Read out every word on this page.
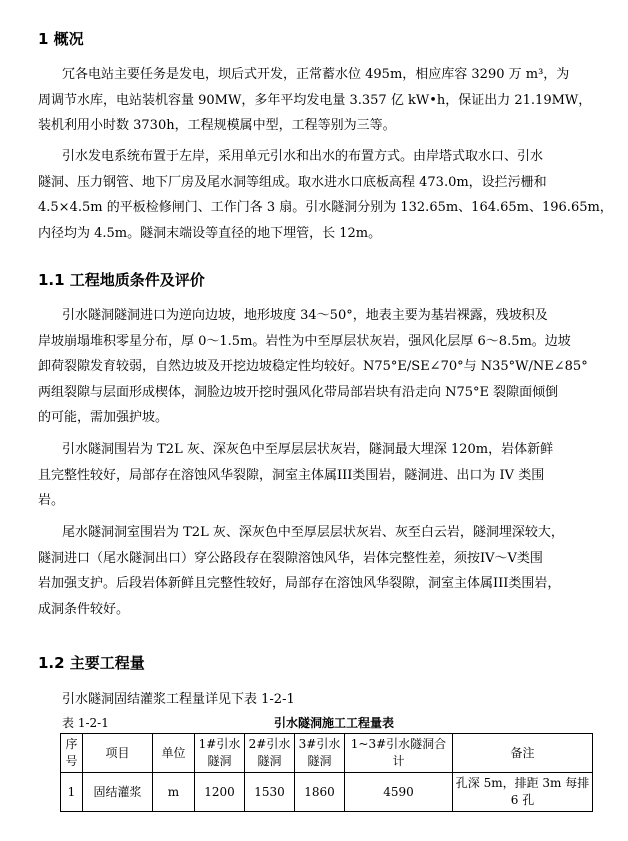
1 概况
冗各电站主要任务是发电，坝后式开发，正常蓄水位 495m，相应库容 3290 万 m³，为
周调节水库，电站装机容量 90MW，多年平均发电量 3.357 亿 kW•h，保证出力 21.19MW，
装机利用小时数 3730h，工程规模属中型，工程等别为三等。
引水发电系统布置于左岸，采用单元引水和出水的布置方式。由岸塔式取水口、引水
隧洞、压力钢管、地下厂房及尾水洞等组成。取水进水口底板高程 473.0m，设拦污栅和
4.5×4.5m 的平板检修闸门、工作门各 3 扇。引水隧洞分别为 132.65m、164.65m、196.65m，
内径均为 4.5m。隧洞末端设等直径的地下埋管，长 12m。
1.1 工程地质条件及评价
引水隧洞隧洞进口为逆向边坡，地形坡度 34～50°，地表主要为基岩裸露，残坡积及
岸坡崩塌堆积零星分布，厚 0～1.5m。岩性为中至厚层状灰岩，强风化层厚 6～8.5m。边坡
卸荷裂隙发育较弱，自然边坡及开挖边坡稳定性均较好。N75°E/SE∠70°与 N35°W/NE∠85°
两组裂隙与层面形成楔体，洞脸边坡开挖时强风化带局部岩块有沿走向 N75°E 裂隙面倾倒
的可能，需加强护坡。
引水隧洞围岩为 T2L 灰、深灰色中至厚层层状灰岩，隧洞最大埋深 120m，岩体新鲜
且完整性较好，局部存在溶蚀风华裂隙，洞室主体属III类围岩，隧洞进、出口为 IV 类围
岩。
尾水隧洞洞室围岩为 T2L 灰、深灰色中至厚层层状灰岩、灰至白云岩，隧洞埋深较大，
隧洞进口（尾水隧洞出口）穿公路段存在裂隙溶蚀风华，岩体完整性差，须按IV～V类围
岩加强支护。后段岩体新鲜且完整性较好，局部存在溶蚀风华裂隙，洞室主体属III类围岩，
成洞条件较好。
1.2 主要工程量
引水隧洞固结灌浆工程量详见下表 1-2-1
表 1-2-1	引水隧洞施工工程量表
序号	项目	单位	1#引水隧洞	2#引水隧洞	3#引水隧洞	1~3#引水隧洞合计	备注
1	固结灌浆	m	1200	1530	1860	4590	孔深 5m，排距 3m 每排 6 孔
